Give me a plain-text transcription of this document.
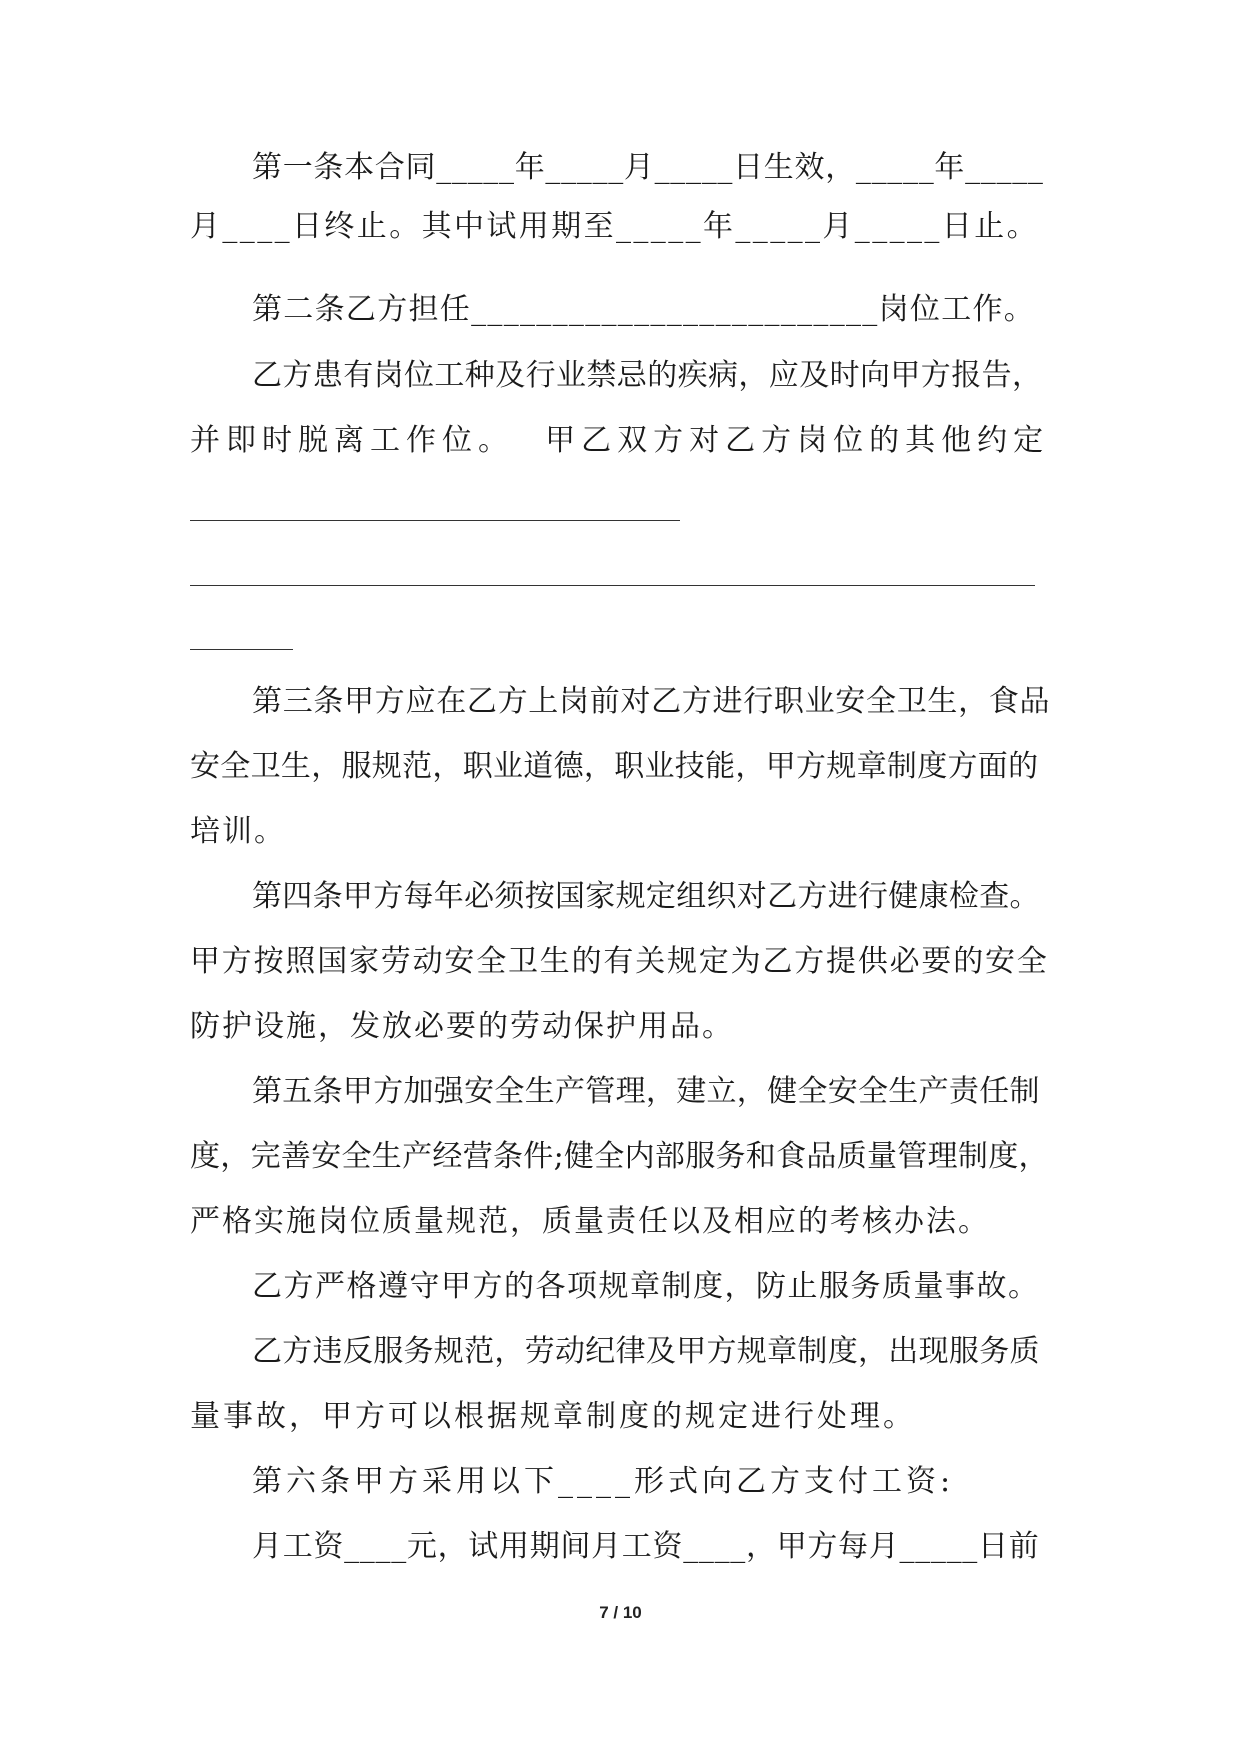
第一条本合同_____年_____月_____日生效，_____年_____
月____日终止。其中试用期至_____年_____月_____日止。
第二条乙方担任_________________________岗位工作。
乙方患有岗位工种及行业禁忌的疾病，应及时向甲方报告，
并即时脱离工作位。  甲乙双方对乙方岗位的其他约定
第三条甲方应在乙方上岗前对乙方进行职业安全卫生，食品
安全卫生，服规范，职业道德，职业技能，甲方规章制度方面的
培训。
第四条甲方每年必须按国家规定组织对乙方进行健康检查。
甲方按照国家劳动安全卫生的有关规定为乙方提供必要的安全
防护设施，发放必要的劳动保护用品。
第五条甲方加强安全生产管理，建立，健全安全生产责任制
度，完善安全生产经营条件;健全内部服务和食品质量管理制度，
严格实施岗位质量规范，质量责任以及相应的考核办法。
乙方严格遵守甲方的各项规章制度，防止服务质量事故。
乙方违反服务规范，劳动纪律及甲方规章制度，出现服务质
量事故，甲方可以根据规章制度的规定进行处理。
第六条甲方采用以下____形式向乙方支付工资:
月工资____元，试用期间月工资____，甲方每月_____日前
7 / 10
